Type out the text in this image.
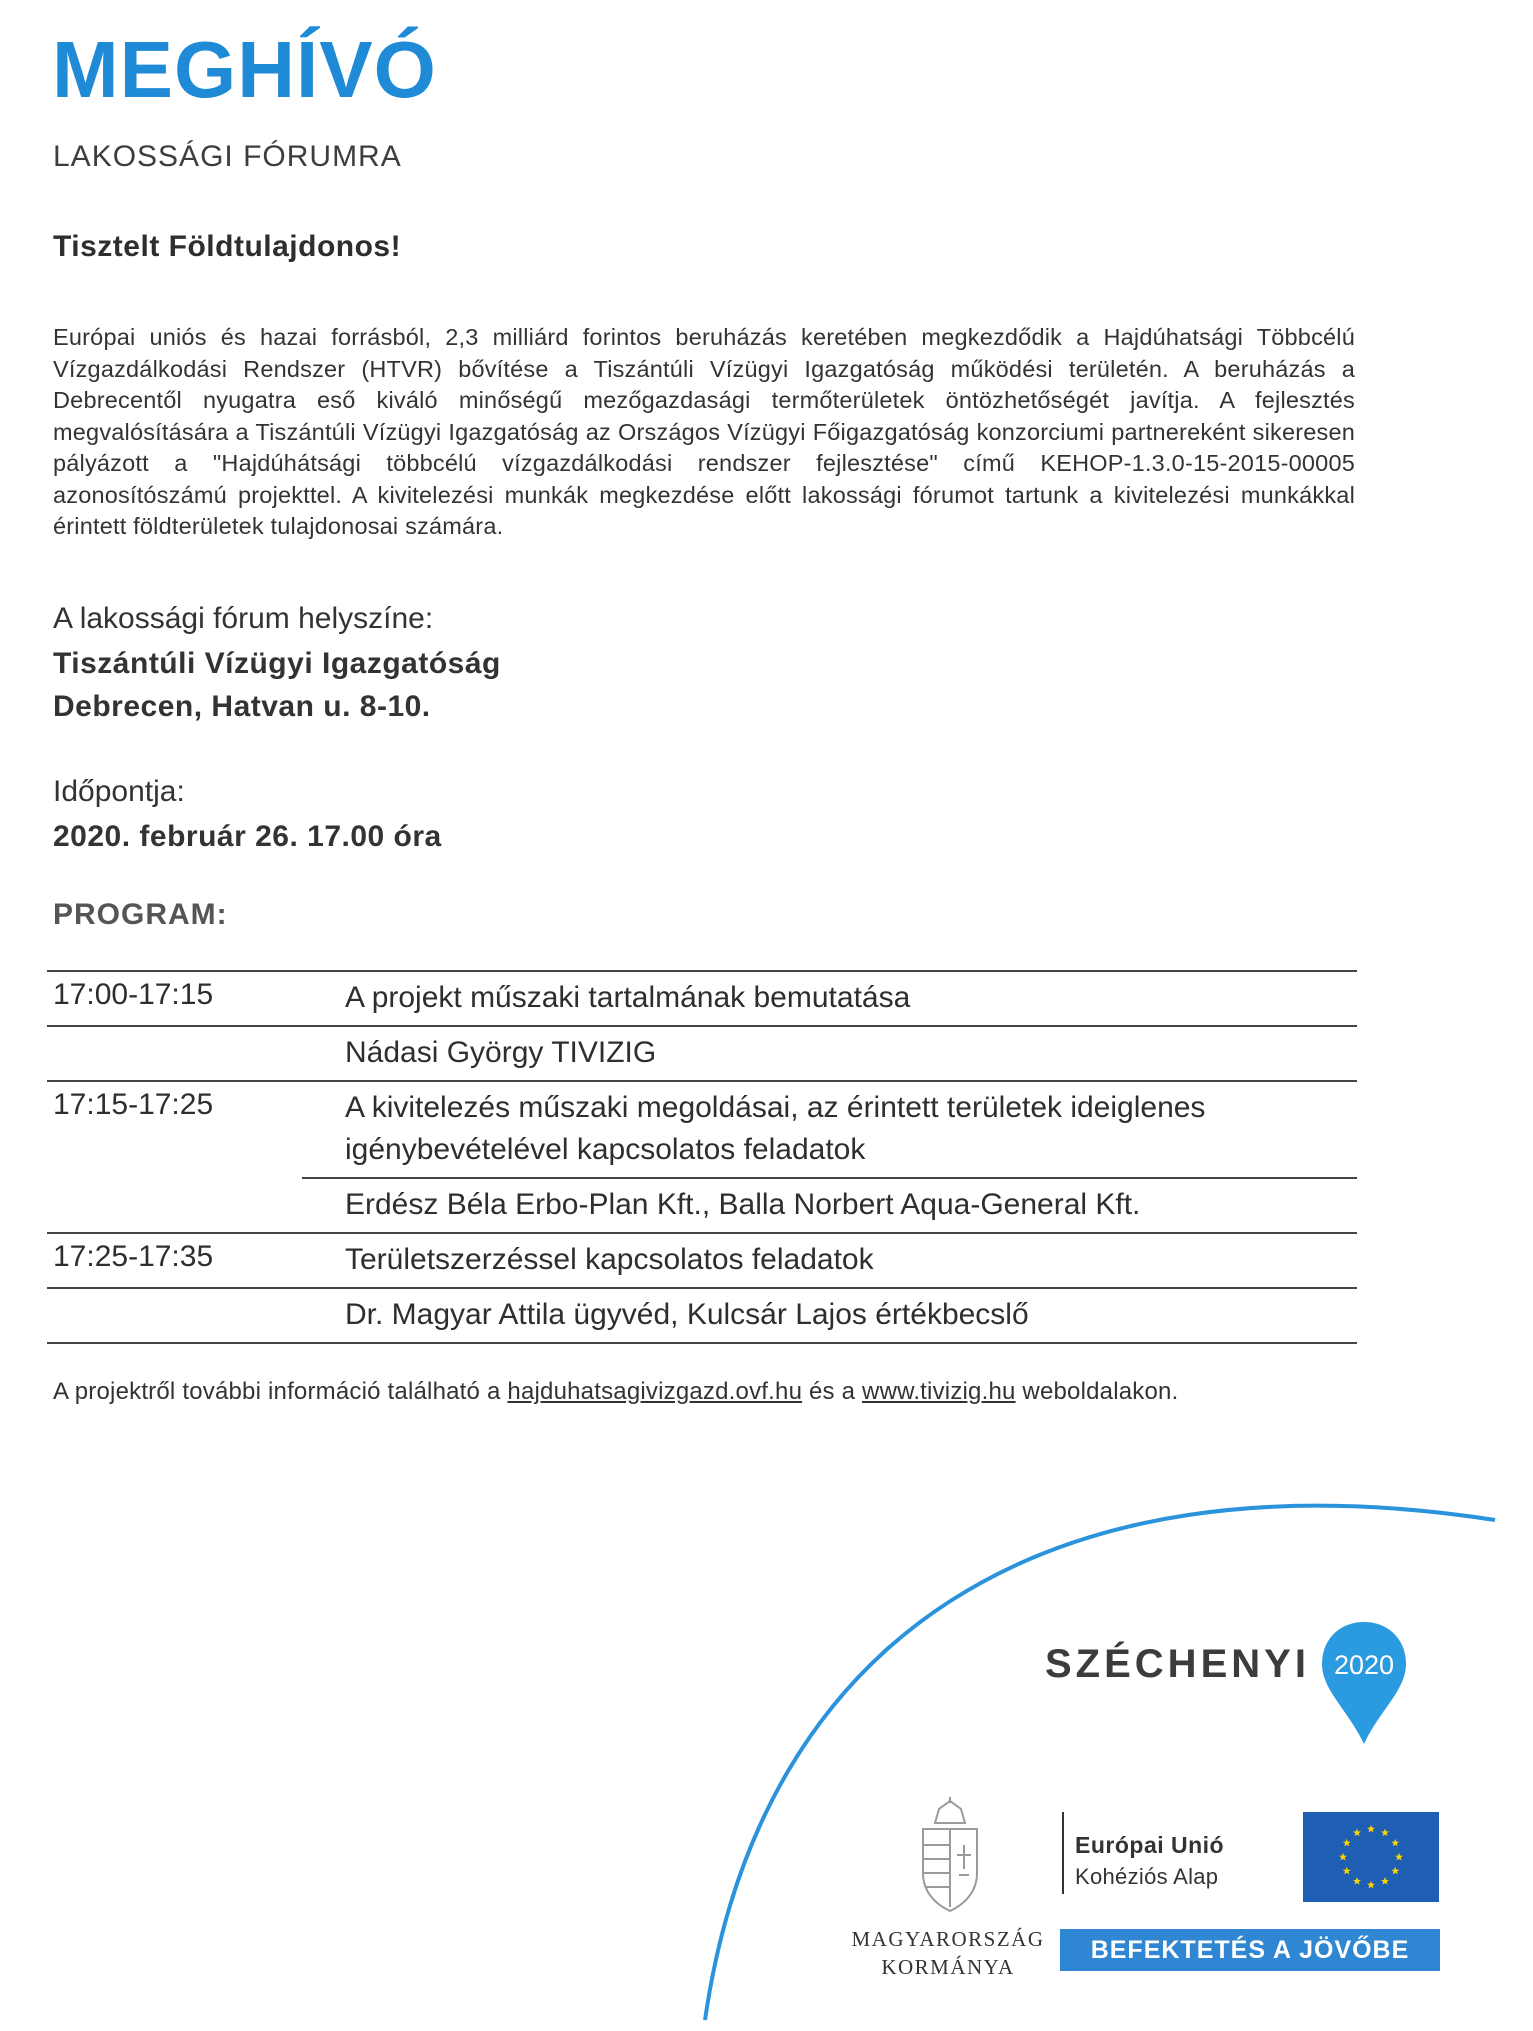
MEGHÍVÓ
LAKOSSÁGI FÓRUMRA
Tisztelt Földtulajdonos!
Európai uniós és hazai forrásból, 2,3 milliárd forintos beruházás keretében megkezdődik a Hajdúhatsági Többcélú Vízgazdálkodási Rendszer (HTVR) bővítése a Tiszántúli Vízügyi Igazgatóság működési területén. A beruházás a Debrecentől nyugatra eső kiváló minőségű mezőgazdasági termőterületek öntözhetőségét javítja. A fejlesztés megvalósítására a Tiszántúli Vízügyi Igazgatóság az Országos Vízügyi Főigazgatóság konzorciumi partnereként sikeresen pályázott a "Hajdúhátsági többcélú vízgazdálkodási rendszer fejlesztése" című KEHOP-1.3.0-15-2015-00005 azonosítószámú projekttel. A kivitelezési munkák megkezdése előtt lakossági fórumot tartunk a kivitelezési munkákkal érintett földterületek tulajdonosai számára.
A lakossági fórum helyszíne:
Tiszántúli Vízügyi Igazgatóság
Debrecen, Hatvan u. 8-10.
Időpontja:
2020. február 26. 17.00 óra
PROGRAM:
17:00-17:15	A projekt műszaki tartalmának bemutatása
Nádasi György TIVIZIG
17:15-17:25	A kivitelezés műszaki megoldásai, az érintett területek ideiglenes igénybevételével kapcsolatos feladatok
Erdész Béla Erbo-Plan Kft., Balla Norbert Aqua-General Kft.
17:25-17:35	Területszerzéssel kapcsolatos feladatok
Dr. Magyar Attila ügyvéd, Kulcsár Lajos értékbecslő
A projektről további információ található a hajduhatsagivizgazd.ovf.hu és a www.tivizig.hu weboldalakon.
SZÉCHENYI 2020
MAGYARORSZÁG
KORMÁNYA
Európai Unió
Kohéziós Alap
BEFEKTETÉS A JÖVŐBE
